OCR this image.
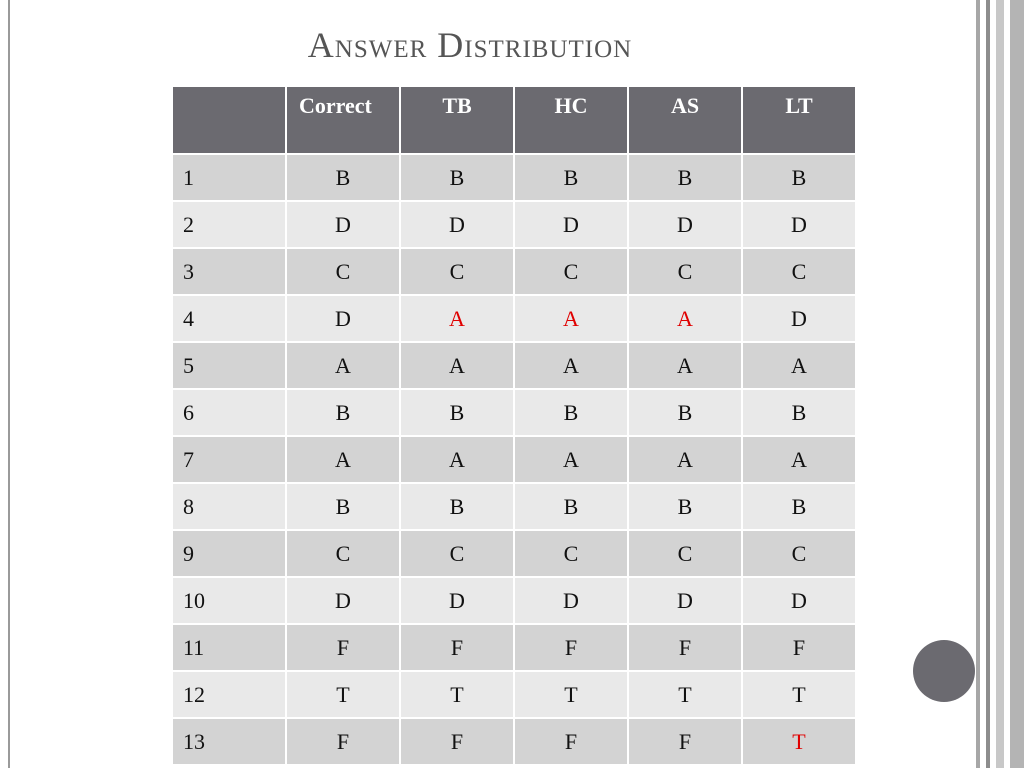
Answer Distribution
	Correct	TB	HC	AS	LT
1	B	B	B	B	B
2	D	D	D	D	D
3	C	C	C	C	C
4	D	A	A	A	D
5	A	A	A	A	A
6	B	B	B	B	B
7	A	A	A	A	A
8	B	B	B	B	B
9	C	C	C	C	C
10	D	D	D	D	D
11	F	F	F	F	F
12	T	T	T	T	T
13	F	F	F	F	T
